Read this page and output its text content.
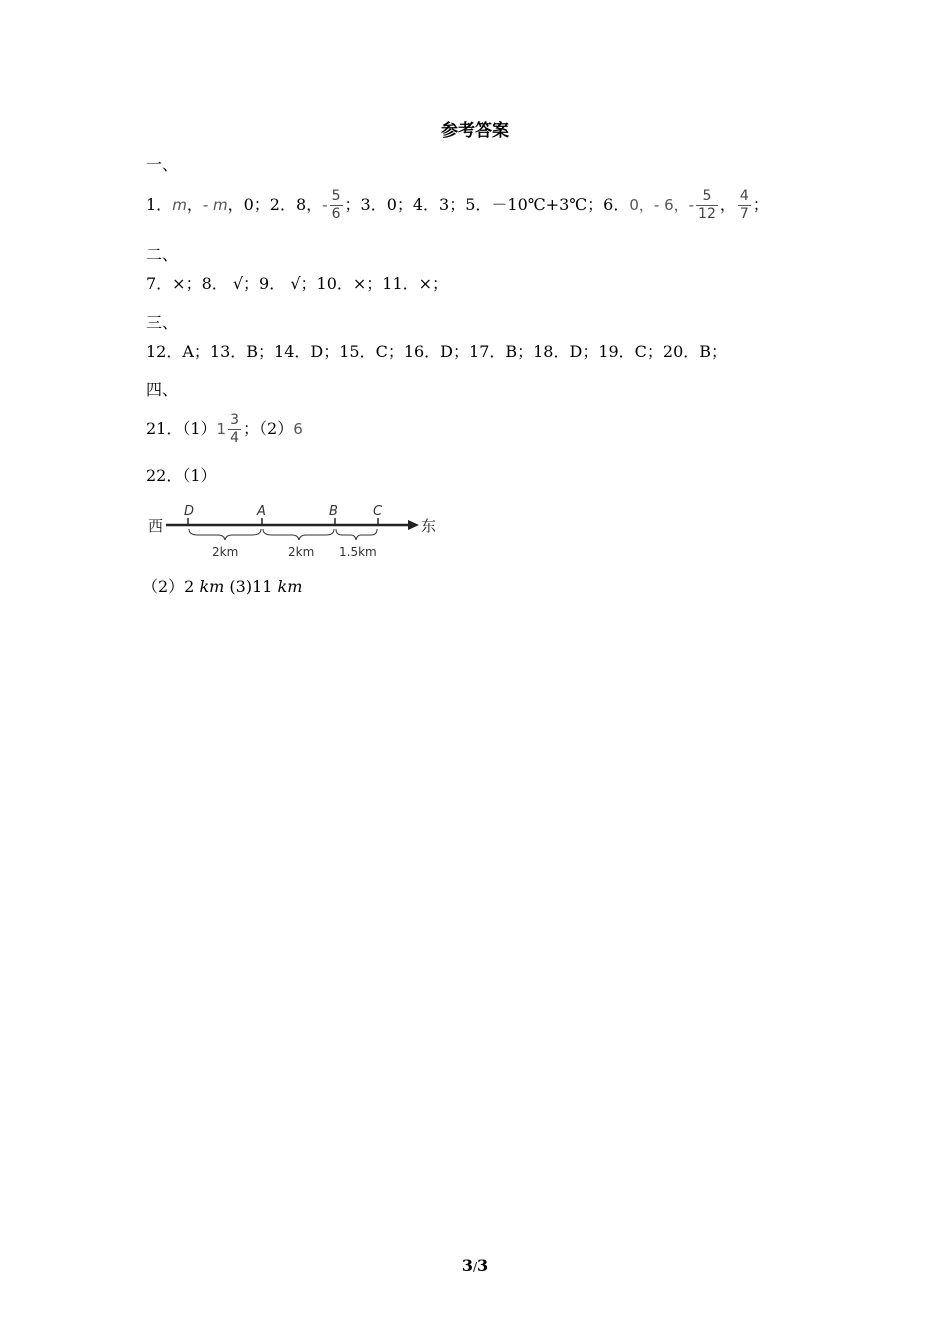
参考答案
一、
1．m，‑ m，0；2．8，‑ $\frac{5}{6}$ ；3．0；4．3；5．－10℃+3℃；6．0，‑ 6，‑ $\frac{5}{12}$ ， $\frac{4}{7}$ ；
二、
7．×；8． √；9． √；10．×；11．×；
三、
12．A；13．B；14．D；15．C；16．D；17．B；18．D；19．C；20．B；
四、
21．$(1)1 \frac{3}{4}$ ；（2）6
22．（1）
西	东
D	A	B	C
2km	2km 1.5km
（2）2 km (3)11 km
3/3
